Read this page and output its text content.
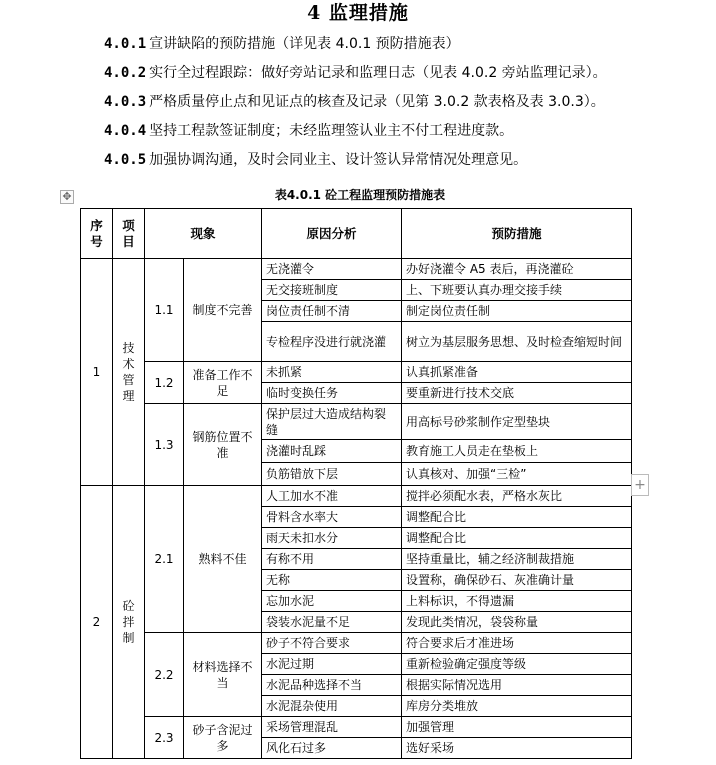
4 监理措施
4.0.1 宣讲缺陷的预防措施（详见表 4.0.1 预防措施表）
4.0.2 实行全过程跟踪：做好旁站记录和监理日志（见表 4.0.2 旁站监理记录）。
4.0.3 严格质量停止点和见证点的核查及记录（见第 3.0.2 款表格及表 3.0.3）。
4.0.4 坚持工程款签证制度；未经监理签认业主不付工程进度款。
4.0.5 加强协调沟通，及时会同业主、设计签认异常情况处理意见。
✥	表4.0.1 砼工程监理预防措施表
序号	项目	现象		原因分析	预防措施
1	技术管理	1.1	制度不完善	无浇灌令	办好浇灌令 A5 表后，再浇灌砼
				无交接班制度	上、下班要认真办理交接手续
				岗位责任制不清	制定岗位责任制
				专检程序没进行就浇灌	树立为基层服务思想、及时检查缩短时间
		1.2	准备工作不足	未抓紧	认真抓紧准备
				临时变换任务	要重新进行技术交底
		1.3	钢筋位置不准	保护层过大造成结构裂缝	用高标号砂浆制作定型垫块
				浇灌时乱踩	教育施工人员走在垫板上
				负筋错放下层	认真核对、加强“三检”
2	砼拌制	2.1	熟料不佳	人工加水不准	搅拌必须配水表，严格水灰比
				骨料含水率大	调整配合比
				雨天未扣水分	调整配合比
				有称不用	坚持重量比，辅之经济制裁措施
				无称	设置称，确保砂石、灰准确计量
				忘加水泥	上料标识，不得遗漏
				袋装水泥量不足	发现此类情况，袋袋称量
		2.2	材料选择不当	砂子不符合要求	符合要求后才准进场
				水泥过期	重新检验确定强度等级
				水泥品种选择不当	根据实际情况选用
				水泥混杂使用	库房分类堆放
		2.3	砂子含泥过多	采场管理混乱	加强管理
				风化石过多	选好采场
+
